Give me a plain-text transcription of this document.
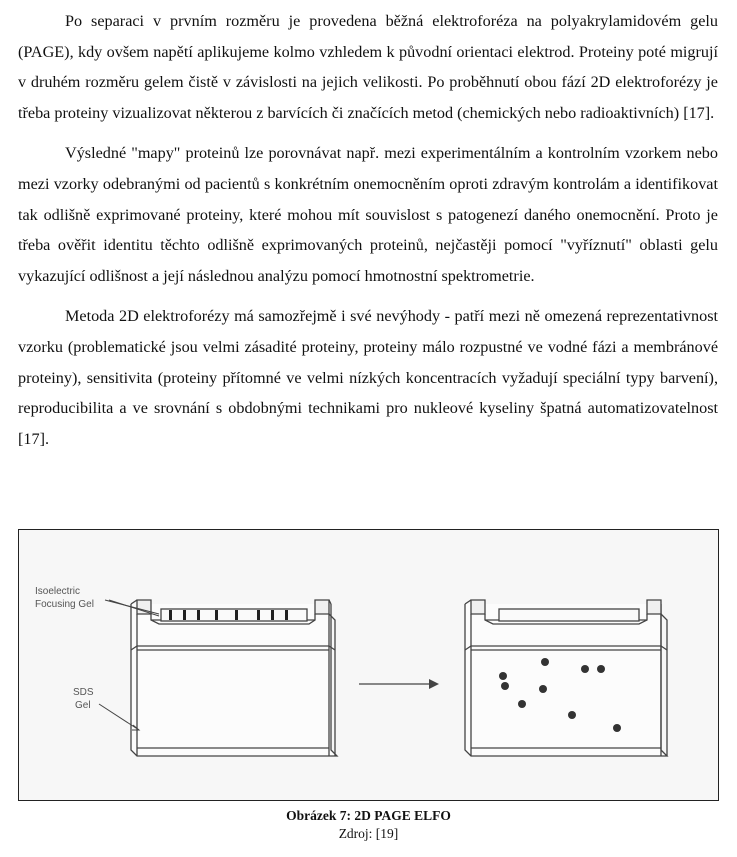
Po separaci v prvním rozměru je provedena běžná elektroforéza na polyakrylamidovém gelu (PAGE), kdy ovšem napětí aplikujeme kolmo vzhledem k původní orientaci elektrod. Proteiny poté migrují v druhém rozměru gelem čistě v závislosti na jejich velikosti. Po proběhnutí obou fází 2D elektroforézy je třeba proteiny vizualizovat některou z barvících či značících metod (chemických nebo radioaktivních) [17].

Výsledné "mapy" proteinů lze porovnávat např. mezi experimentálním a kontrolním vzorkem nebo mezi vzorky odebranými od pacientů s konkrétním onemocněním oproti zdravým kontrolám a identifikovat tak odlišně exprimované proteiny, které mohou mít souvislost s patogenezí daného onemocnění. Proto je třeba ověřit identitu těchto odlišně exprimovaných proteinů, nejčastěji pomocí "vyříznutí" oblasti gelu vykazující odlišnost a její následnou analýzu pomocí hmotnostní spektrometrie.

Metoda 2D elektroforézy má samozřejmě i své nevýhody - patří mezi ně omezená reprezentativnost vzorku (problematické jsou velmi zásadité proteiny, proteiny málo rozpustné ve vodné fázi a membránové proteiny), sensitivita (proteiny přítomné ve velmi nízkých koncentracích vyžadují speciální typy barvení), reproducibilita a ve srovnání s obdobnými technikami pro nukleové kyseliny špatná automatizovatelnost [17].

Isoelectric
Focusing Gel
SDS
Gel
Obrázek 7: 2D PAGE ELFO
Zdroj: [19]
